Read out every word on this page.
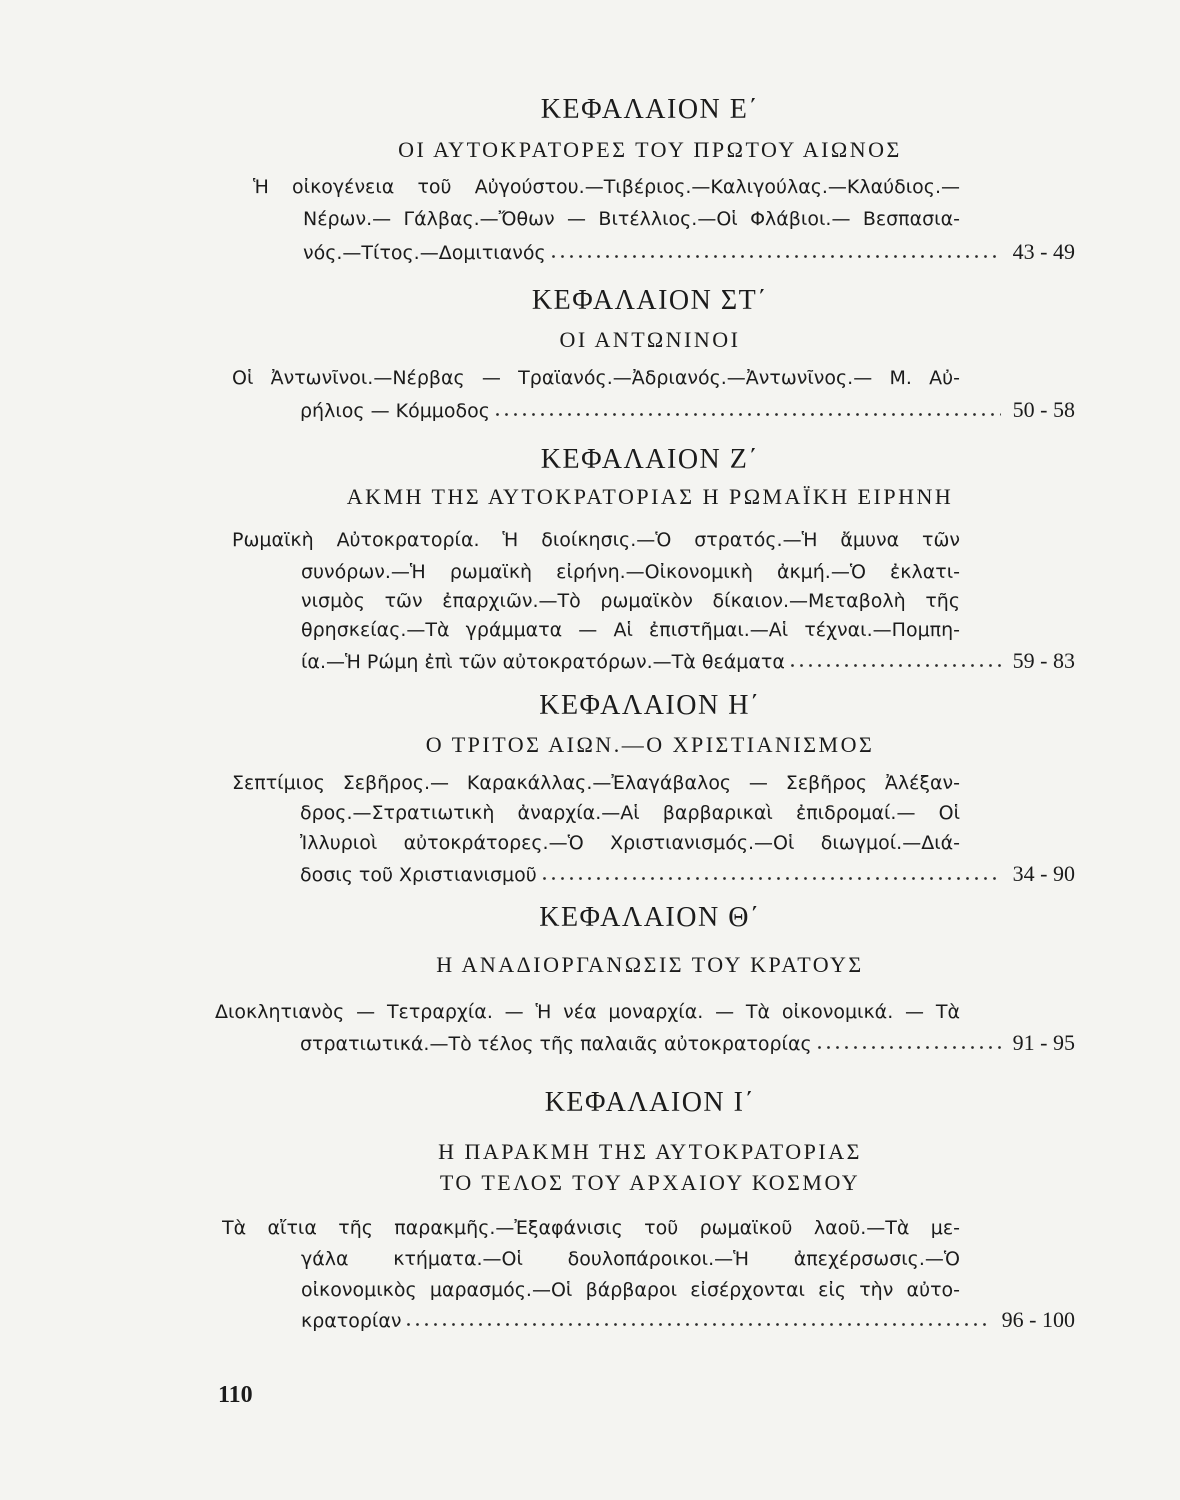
ΚΕΦΑΛΑΙΟΝ Ε΄
ΟΙ ΑΥΤΟΚΡΑΤΟΡΕΣ ΤΟΥ ΠΡΩΤΟΥ ΑΙΩΝΟΣ
Ἡ οἰκογένεια τοῦ Αὐγούστου.—Τιβέριος.—Καλιγούλας.—Κλαύδιος.—
Νέρων.— Γάλβας.—Ὄθων — Βιτέλλιος.—Οἱ Φλάβιοι.— Βεσπασια-
νός.—Τίτος.—Δομιτιανός	43 - 49
ΚΕΦΑΛΑΙΟΝ ΣΤ΄
ΟΙ ΑΝΤΩΝΙΝΟΙ
Οἱ Ἀντωνῖνοι.—Νέρβας — Τραϊανός.—Ἀδριανός.—Ἀντωνῖνος.— Μ. Αὐ-
ρήλιος — Κόμμοδος	50 - 58
ΚΕΦΑΛΑΙΟΝ Ζ΄
ΑΚΜΗ ΤΗΣ ΑΥΤΟΚΡΑΤΟΡΙΑΣ Η ΡΩΜΑΪΚΗ ΕΙΡΗΝΗ
Ρωμαϊκὴ Αὐτοκρατορία. Ἡ διοίκησις.—Ὁ στρατός.—Ἡ ἄμυνα τῶν
συνόρων.—Ἡ ρωμαϊκὴ εἰρήνη.—Οἰκονομικὴ ἀκμή.—Ὁ ἐκλατι-
νισμὸς τῶν ἐπαρχιῶν.—Τὸ ρωμαϊκὸν δίκαιον.—Μεταβολὴ τῆς
θρησκείας.—Τὰ γράμματα — Αἱ ἐπιστῆμαι.—Αἱ τέχναι.—Πομπη-
ία.—Ἡ Ρώμη ἐπὶ τῶν αὐτοκρατόρων.—Τὰ θεάματα	59 - 83
ΚΕΦΑΛΑΙΟΝ Η΄
Ο ΤΡΙΤΟΣ ΑΙΩΝ.—Ο ΧΡΙΣΤΙΑΝΙΣΜΟΣ
Σεπτίμιος Σεβῆρος.— Καρακάλλας.—Ἐλαγάβαλος — Σεβῆρος Ἀλέξαν-
δρος.—Στρατιωτικὴ ἀναρχία.—Αἱ βαρβαρικαὶ ἐπιδρομαί.— Οἱ
Ἰλλυριοὶ αὐτοκράτορες.—Ὁ Χριστιανισμός.—Οἱ διωγμοί.—Διά-
δοσις τοῦ Χριστιανισμοῦ	34 - 90
ΚΕΦΑΛΑΙΟΝ Θ΄
Η ΑΝΑΔΙΟΡΓΑΝΩΣΙΣ ΤΟΥ ΚΡΑΤΟΥΣ
Διοκλητιανὸς — Τετραρχία. — Ἡ νέα μοναρχία. — Τὰ οἰκονομικά. — Τὰ
στρατιωτικά.—Τὸ τέλος τῆς παλαιᾶς αὐτοκρατορίας	91 - 95
ΚΕΦΑΛΑΙΟΝ Ι΄
Η ΠΑΡΑΚΜΗ ΤΗΣ ΑΥΤΟΚΡΑΤΟΡΙΑΣ
ΤΟ ΤΕΛΟΣ ΤΟΥ ΑΡΧΑΙΟΥ ΚΟΣΜΟΥ
Τὰ αἴτια τῆς παρακμῆς.—Ἐξαφάνισις τοῦ ρωμαϊκοῦ λαοῦ.—Τὰ με-
γάλα κτήματα.—Οἱ δουλοπάροικοι.—Ἡ ἀπεχέρσωσις.—Ὁ
οἰκονομικὸς μαρασμός.—Οἱ βάρβαροι εἰσέρχονται εἰς τὴν αὐτο-
κρατορίαν	96 - 100
110
